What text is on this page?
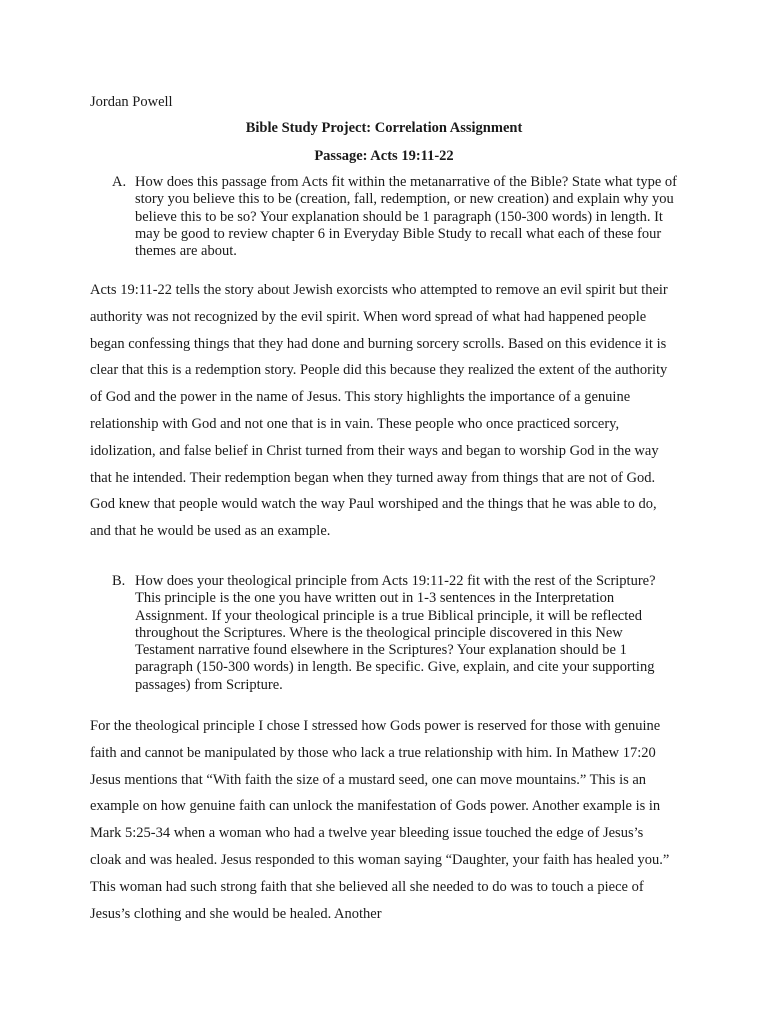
Jordan Powell
Bible Study Project: Correlation Assignment
Passage: Acts 19:11-22
A. How does this passage from Acts fit within the metanarrative of the Bible? State what type of story you believe this to be (creation, fall, redemption, or new creation) and explain why you believe this to be so? Your explanation should be 1 paragraph (150-300 words) in length. It may be good to review chapter 6 in Everyday Bible Study to recall what each of these four themes are about.

Acts 19:11-22 tells the story about Jewish exorcists who attempted to remove an evil spirit but their authority was not recognized by the evil spirit. When word spread of what had happened people began confessing things that they had done and burning sorcery scrolls. Based on this evidence it is clear that this is a redemption story. People did this because they realized the extent of the authority of God and the power in the name of Jesus. This story highlights the importance of a genuine relationship with God and not one that is in vain. These people who once practiced sorcery, idolization, and false belief in Christ turned from their ways and began to worship God in the way that he intended. Their redemption began when they turned away from things that are not of God. God knew that people would watch the way Paul worshiped and the things that he was able to do, and that he would be used as an example.

B. How does your theological principle from Acts 19:11-22 fit with the rest of the Scripture? This principle is the one you have written out in 1-3 sentences in the Interpretation Assignment. If your theological principle is a true Biblical principle, it will be reflected throughout the Scriptures. Where is the theological principle discovered in this New Testament narrative found elsewhere in the Scriptures? Your explanation should be 1 paragraph (150-300 words) in length. Be specific. Give, explain, and cite your supporting passages) from Scripture.

For the theological principle I chose I stressed how Gods power is reserved for those with genuine faith and cannot be manipulated by those who lack a true relationship with him. In Mathew 17:20 Jesus mentions that “With faith the size of a mustard seed, one can move mountains.” This is an example on how genuine faith can unlock the manifestation of Gods power. Another example is in Mark 5:25-34 when a woman who had a twelve year bleeding issue touched the edge of Jesus’s cloak and was healed. Jesus responded to this woman saying “Daughter, your faith has healed you.” This woman had such strong faith that she believed all she needed to do was to touch a piece of Jesus’s clothing and she would be healed. Another
